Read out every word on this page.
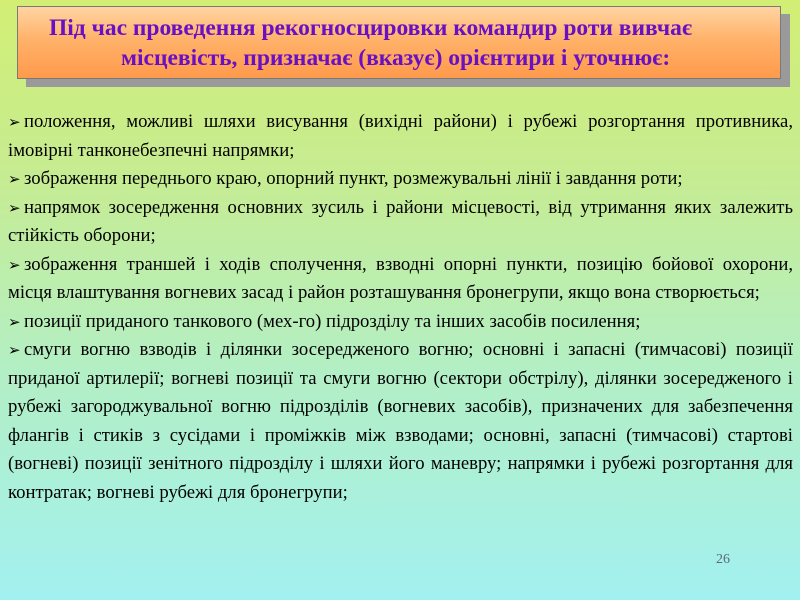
Під час проведення рекогносцировки командир роти вивчає
місцевість, призначає (вказує) орієнтири і уточнює:

➢ положення, можливі шляхи висування (вихідні райони) і рубежі розгортання противника, імовірні танконебезпечні напрямки;

➢ зображення переднього краю, опорний пункт, розмежувальні лінії і завдання роти;

➢ напрямок зосередження основних зусиль і райони місцевості, від утримання яких залежить стійкість оборони;

➢ зображення траншей і ходів сполучення, взводні опорні пункти, позицію бойової охорони, місця влаштування вогневих засад і район розташування бронегрупи, якщо вона створюється;

➢ позиції приданого танкового (мех-го) підрозділу та інших засобів посилення;

➢ смуги вогню взводів і ділянки зосередженого вогню; основні і запасні (тимчасові) позиції приданої артилерії; вогневі позиції та смуги вогню (сектори обстрілу), ділянки зосередженого і рубежі загороджувальної вогню підрозділів (вогневих засобів), призначених для забезпечення флангів і стиків з сусідами і проміжків між взводами; основні, запасні (тимчасові) стартові (вогневі) позиції зенітного підрозділу і шляхи його маневру; напрямки і рубежі розгортання для контратак; вогневі рубежі для бронегрупи;

26
